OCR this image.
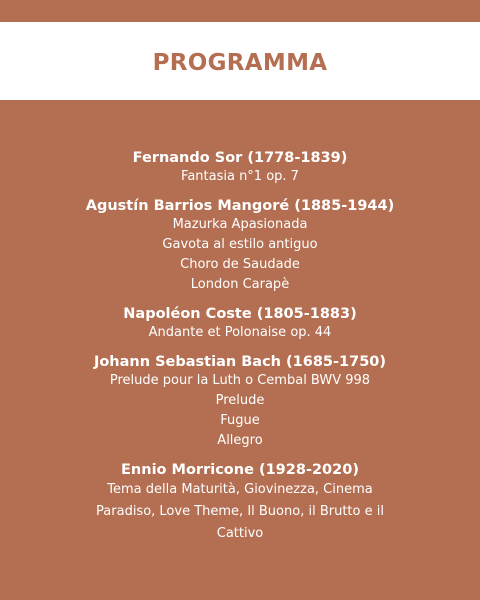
PROGRAMMA

Fernando Sor (1778-1839)

Fantasia n°1 op. 7

Agustín Barrios Mangoré (1885-1944)

Mazurka Apasionada

Gavota al estilo antiguo

Choro de Saudade

London Carapè

Napoléon Coste (1805-1883)

Andante et Polonaise op. 44

Johann Sebastian Bach (1685-1750)

Prelude pour la Luth o Cembal BWV 998

Prelude

Fugue

Allegro

Ennio Morricone (1928-2020)

Tema della Maturità, Giovinezza, Cinema

Paradiso, Love Theme, Il Buono, il Brutto e il

Cattivo
